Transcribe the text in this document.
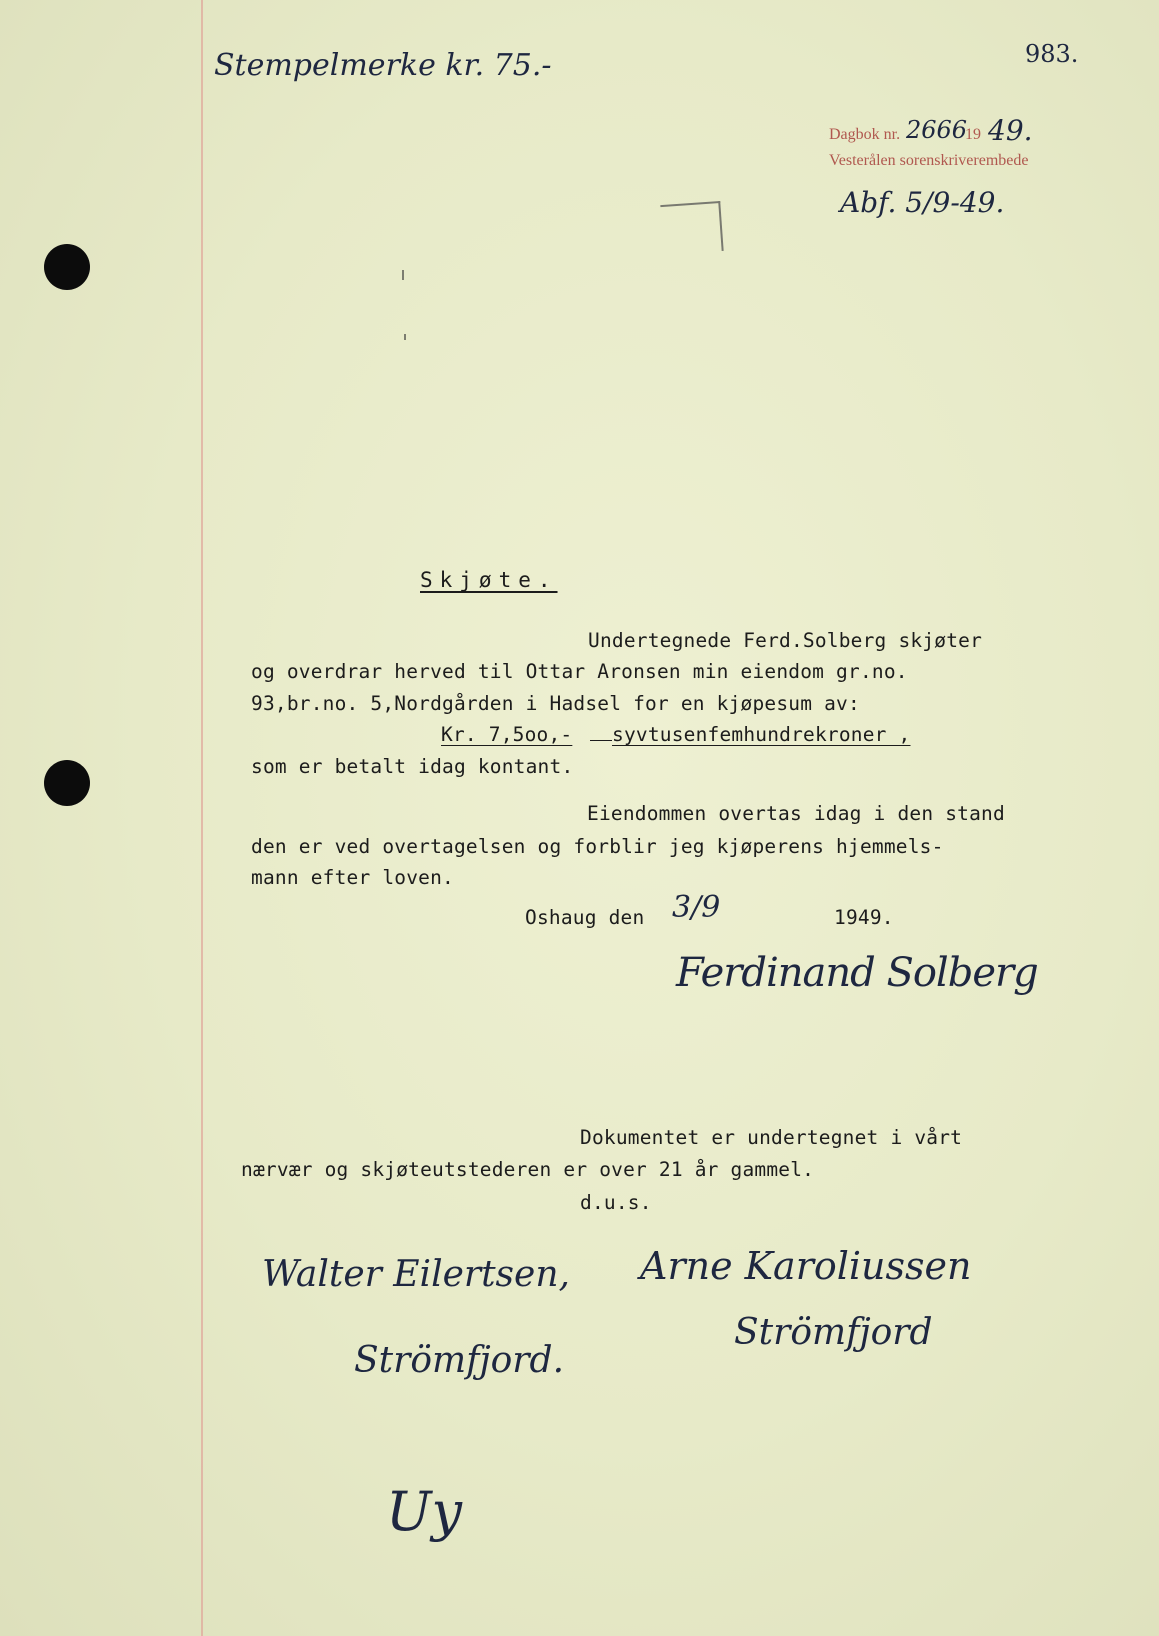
Stempelmerke kr. 75.-	983.
Dagbok nr. 2666
19 49.
Vesterålen sorenskriverembede
Abf. 5/9-49.
Skjøte.
Undertegnede Ferd.Solberg skjøter
og overdrar herved til Ottar Aronsen min eiendom gr.no.
93,br.no. 5,Nordgården i Hadsel for en kjøpesum av:
Kr. 7,5oo,- syvtusenfemhundrekroner ,
som er betalt idag kontant.
Eiendommen overtas idag i den stand
den er ved overtagelsen og forblir jeg kjøperens hjemmels-
mann efter loven.
Oshaug den 3/9	1949.
Ferdinand Solberg
Dokumentet er undertegnet i vårt
nærvær og skjøteutstederen er over 21 år gammel.
d.u.s.
Walter Eilertsen,
Strömfjord.
Arne Karoliussen
Strömfjord
Uy
